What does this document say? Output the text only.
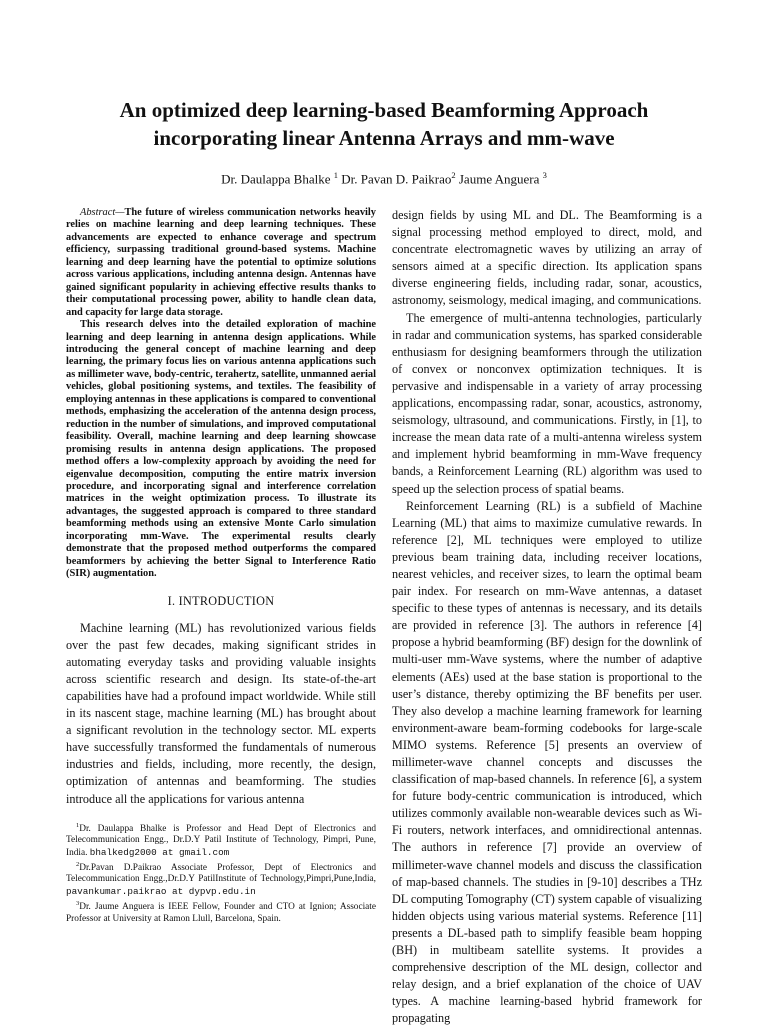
An optimized deep learning-based Beamforming Approach
incorporating linear Antenna Arrays and mm-wave
Dr. Daulappa Bhalke $^1$ Dr. Pavan D. Paikrao$^2$ Jaume Anguera $^3$

Abstract—The future of wireless communication networks heavily relies on machine learning and deep learning techniques. These advancements are expected to enhance coverage and spectrum efficiency, surpassing traditional ground-based systems. Machine learning and deep learning have the potential to optimize solutions across various applications, including antenna design. Antennas have gained significant popularity in achieving effective results thanks to their computational processing power, ability to handle clean data, and capacity for large data storage.

This research delves into the detailed exploration of machine learning and deep learning in antenna design applications. While introducing the general concept of machine learning and deep learning, the primary focus lies on various antenna applications such as millimeter wave, body-centric, terahertz, satellite, unmanned aerial vehicles, global positioning systems, and textiles. The feasibility of employing antennas in these applications is compared to conventional methods, emphasizing the acceleration of the antenna design process, reduction in the number of simulations, and improved computational feasibility. Overall, machine learning and deep learning showcase promising results in antenna design applications. The proposed method offers a low-complexity approach by avoiding the need for eigenvalue decomposition, computing the entire matrix inversion procedure, and incorporating signal and interference correlation matrices in the weight optimization process. To illustrate its advantages, the suggested approach is compared to three standard beamforming methods using an extensive Monte Carlo simulation incorporating mm-Wave. The experimental results clearly demonstrate that the proposed method outperforms the compared beamformers by achieving the better Signal to Interference Ratio (SIR) augmentation.

I. INTRODUCTION

Machine learning (ML) has revolutionized various fields over the past few decades, making significant strides in automating everyday tasks and providing valuable insights across scientific research and design. Its state-of-the-art capabilities have had a profound impact worldwide. While still in its nascent stage, machine learning (ML) has brought about a significant revolution in the technology sector. ML experts have successfully transformed the fundamentals of numerous industries and fields, including, more recently, the design, optimization of antennas and beamforming. The studies introduce all the applications for various antenna

$^1$Dr. Daulappa Bhalke is Professor and Head Dept of Electronics and Telecommunication Engg., Dr.D.Y Patil Institute of Technology, Pimpri, Pune, India. bhalkedg2000 at gmail.com

$^2$Dr.Pavan D.Paikrao Associate Professor, Dept of Electronics and Telecommunication Engg.,Dr.D.Y PatilInstitute of Technology,Pimpri,Pune,India, pavankumar.paikrao at dypvp.edu.in

$^3$Dr. Jaume Anguera is IEEE Fellow, Founder and CTO at Ignion; Associate Professor at University at Ramon Llull, Barcelona, Spain.

design fields by using ML and DL. The Beamforming is a signal processing method employed to direct, mold, and concentrate electromagnetic waves by utilizing an array of sensors aimed at a specific direction. Its application spans diverse engineering fields, including radar, sonar, acoustics, astronomy, seismology, medical imaging, and communications.

The emergence of multi-antenna technologies, particularly in radar and communication systems, has sparked considerable enthusiasm for designing beamformers through the utilization of convex or nonconvex optimization techniques. It is pervasive and indispensable in a variety of array processing applications, encompassing radar, sonar, acoustics, astronomy, seismology, ultrasound, and communications. Firstly, in [1], to increase the mean data rate of a multi-antenna wireless system and implement hybrid beamforming in mm-Wave frequency bands, a Reinforcement Learning (RL) algorithm was used to speed up the selection process of spatial beams.

Reinforcement Learning (RL) is a subfield of Machine Learning (ML) that aims to maximize cumulative rewards. In reference [2], ML techniques were employed to utilize previous beam training data, including receiver locations, nearest vehicles, and receiver sizes, to learn the optimal beam pair index. For research on mm-Wave antennas, a dataset specific to these types of antennas is necessary, and its details are provided in reference [3]. The authors in reference [4] propose a hybrid beamforming (BF) design for the downlink of multi-user mm-Wave systems, where the number of adaptive elements (AEs) used at the base station is proportional to the user’s distance, thereby optimizing the BF benefits per user. They also develop a machine learning framework for learning environment-aware beam-forming codebooks for large-scale MIMO systems. Reference [5] presents an overview of millimeter-wave channel concepts and discusses the classification of map-based channels. In reference [6], a system for future body-centric communication is introduced, which utilizes commonly available non-wearable devices such as Wi-Fi routers, network interfaces, and omnidirectional antennas. The authors in reference [7] provide an overview of millimeter-wave channel models and discuss the classification of map-based channels. The studies in [9-10] describes a THz DL computing Tomography (CT) system capable of visualizing hidden objects using various material systems. Reference [11] presents a DL-based path to simplify feasible beam hopping (BH) in multibeam satellite systems. It provides a comprehensive description of the ML design, collector and relay design, and a brief explanation of the choice of UAV types. A machine learning-based hybrid framework for propagating
